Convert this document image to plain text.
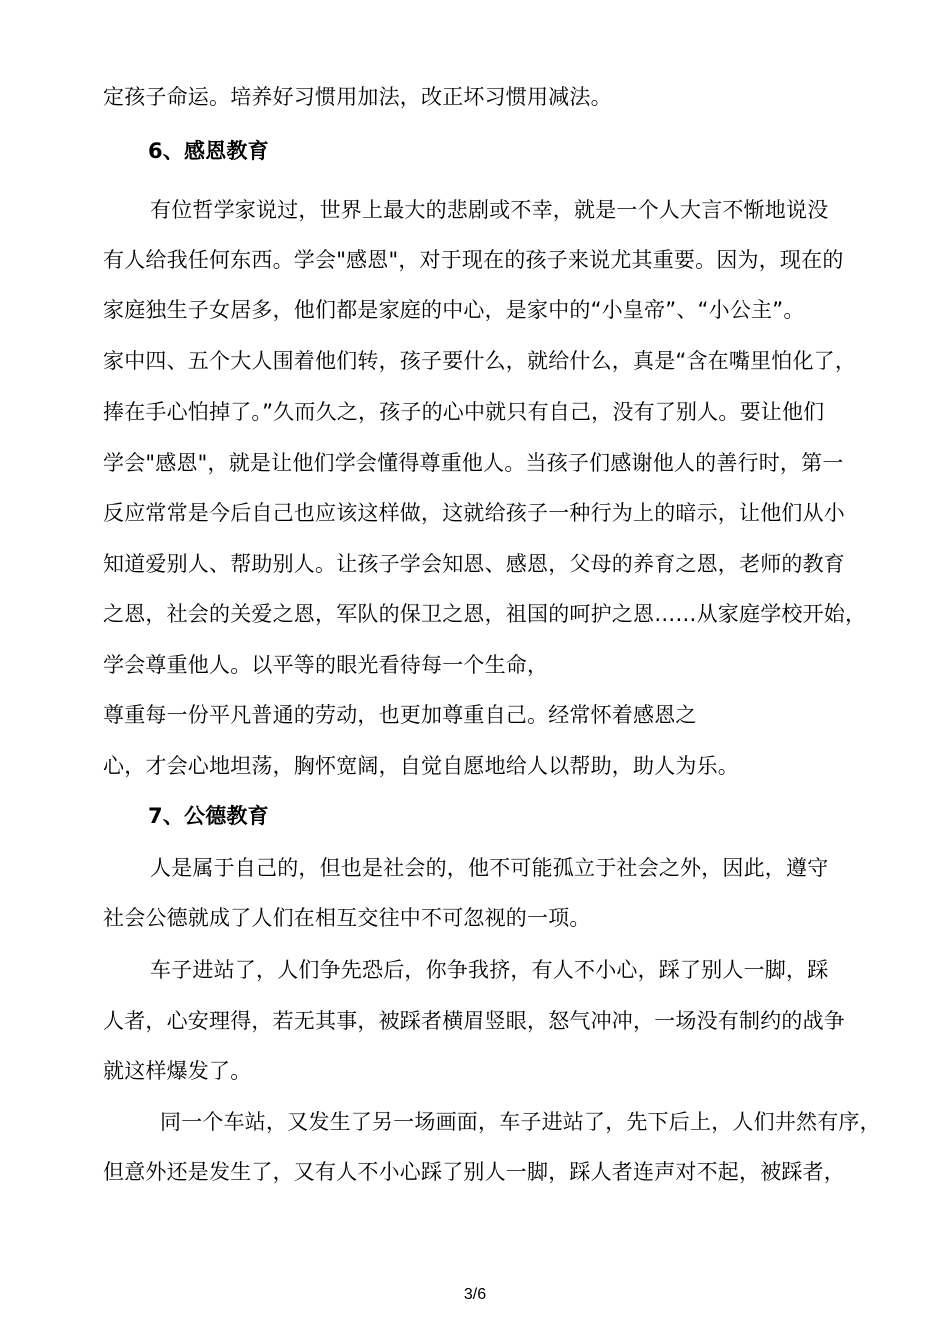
定孩子命运。培养好习惯用加法，改正坏习惯用减法。
6、感恩教育
有位哲学家说过，世界上最大的悲剧或不幸，就是一个人大言不惭地说没
有人给我任何东西。学会"感恩"，对于现在的孩子来说尤其重要。因为，现在的
家庭独生子女居多，他们都是家庭的中心，是家中的“小皇帝”、“小公主”。
家中四、五个大人围着他们转，孩子要什么，就给什么，真是“含在嘴里怕化了，
捧在手心怕掉了。”久而久之，孩子的心中就只有自己，没有了别人。要让他们
学会"感恩"，就是让他们学会懂得尊重他人。当孩子们感谢他人的善行时，第一
反应常常是今后自己也应该这样做，这就给孩子一种行为上的暗示，让他们从小
知道爱别人、帮助别人。让孩子学会知恩、感恩，父母的养育之恩，老师的教育
之恩，社会的关爱之恩，军队的保卫之恩，祖国的呵护之恩……从家庭学校开始，
学会尊重他人。以平等的眼光看待每一个生命，
尊重每一份平凡普通的劳动，也更加尊重自己。经常怀着感恩之
心，才会心地坦荡，胸怀宽阔，自觉自愿地给人以帮助，助人为乐。
7、公德教育
人是属于自己的，但也是社会的，他不可能孤立于社会之外，因此，遵守
社会公德就成了人们在相互交往中不可忽视的一项。
车子进站了，人们争先恐后，你争我挤，有人不小心，踩了别人一脚，踩
人者，心安理得，若无其事，被踩者横眉竖眼，怒气冲冲，一场没有制约的战争
就这样爆发了。
同一个车站，又发生了另一场画面，车子进站了，先下后上，人们井然有序，
但意外还是发生了，又有人不小心踩了别人一脚，踩人者连声对不起，被踩者，
3/6
